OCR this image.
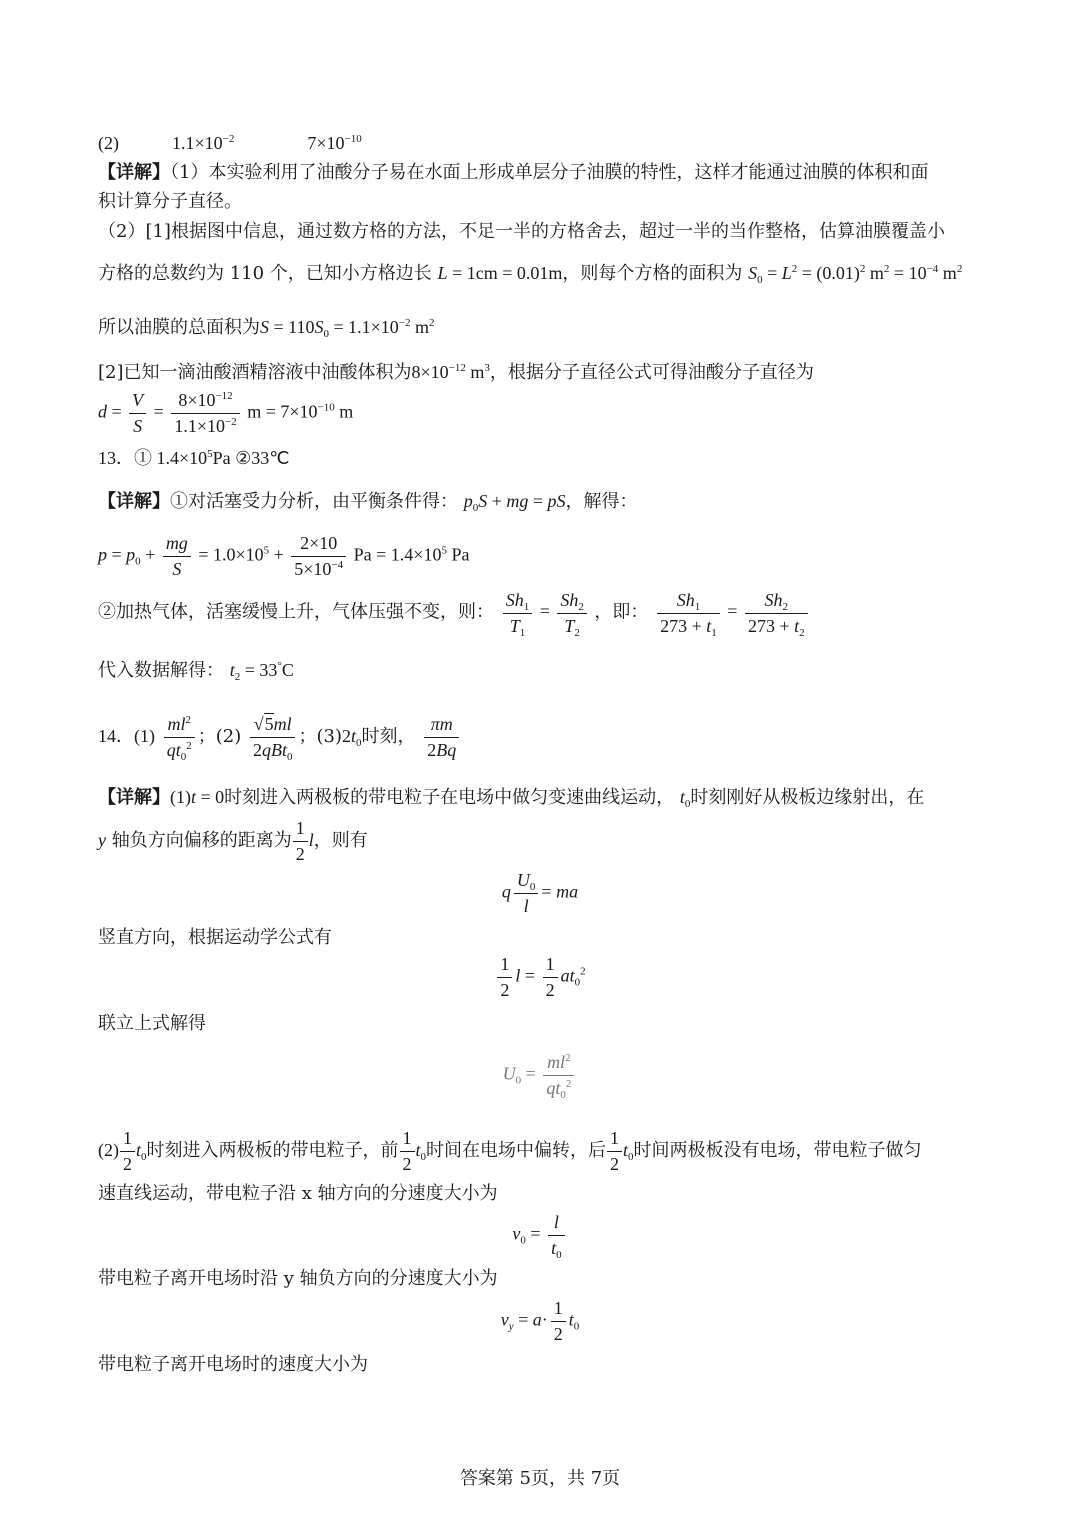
(2)	$1.1\times 10^{-2}$	$7\times 10^{-10}$
【详解】（1）本实验利用了油酸分子易在水面上形成单层分子油膜的特性，这样才能通过油膜的体积和面
积计算分子直径。
（2）[1]根据图中信息，通过数方格的方法，不足一半的方格舍去，超过一半的当作整格，估算油膜覆盖小
方格的总数约为 110 个，已知小方格边长 L = 1cm = 0.01m，则每个方格的面积为 $S_0 = L^2 = (0.01)^2$ $m^2 = 10^{-4}$ $m^2$
所以油膜的总面积为$S = 110S_0 = 1.1\times 10^{-2}$ $m^2$
[2]已知一滴油酸酒精溶液中油酸体积为$8\times 10^{-12}$ $m^3$，根据分子直径公式可得油酸分子直径为
$d = \frac{V}{S} = \frac{8\times 10^{-12}}{1.1\times 10^{-2}}$ $m = 7\times 10^{-10}$ m
13．① $1.4\times 10^5Pa$ ②33℃
【详解】①对活塞受力分析，由平衡条件得： $p_0S$ + mg = pS，解得：
$p = p_0 + \frac{mg}{S} = 1.0\times 10^5 + \frac{2\times 10}{5\times 10^{-4}}$ $Pa = 1.4\times 10^5$ Pa
②加热气体，活塞缓慢上升，气体压强不变，则： $\frac{Sh_1}{T_1} = \frac{Sh_2}{T_2}$ ，即： $\frac{Sh_1}{273 + t_1} = \frac{Sh_2}{273 + t_2}$
代入数据解得： $t_2 = 33^\circ C$
14．$(1) \frac{ml^2}{qt_0^2}$ ；$(2) \frac{√5ml}{2qBt_0}$ ；$(3)2t_0$时刻， $\frac{\pi m}{2Bq}$
【详解】(1)t = 0时刻进入两极板的带电粒子在电场中做匀变速曲线运动， $t_0$时刻刚好从极板边缘射出，在
y 轴负方向偏移的距离为 $\frac{1}{2}$ l，则有
q $\frac{U_0}{l}$ = ma
竖直方向，根据运动学公式有
$\frac{1}{2}$ $l = \frac{1}{2} at_0^2$
联立上式解得
$U_0 = \frac{ml^2}{qt_0^2}$
$(2) \frac{1}{2} t_0$时刻进入两极板的带电粒子，前 $\frac{1}{2} t_0$时间在电场中偏转，后 $\frac{1}{2} t_0$时间两极板没有电场，带电粒子做匀
速直线运动，带电粒子沿 x 轴方向的分速度大小为
$v_0 = \frac{l}{t_0}$
带电粒子离开电场时沿 y 轴负方向的分速度大小为
$v_y = a\cdot \frac{1}{2} t_0$
带电粒子离开电场时的速度大小为
答案第 5页，共 7页
